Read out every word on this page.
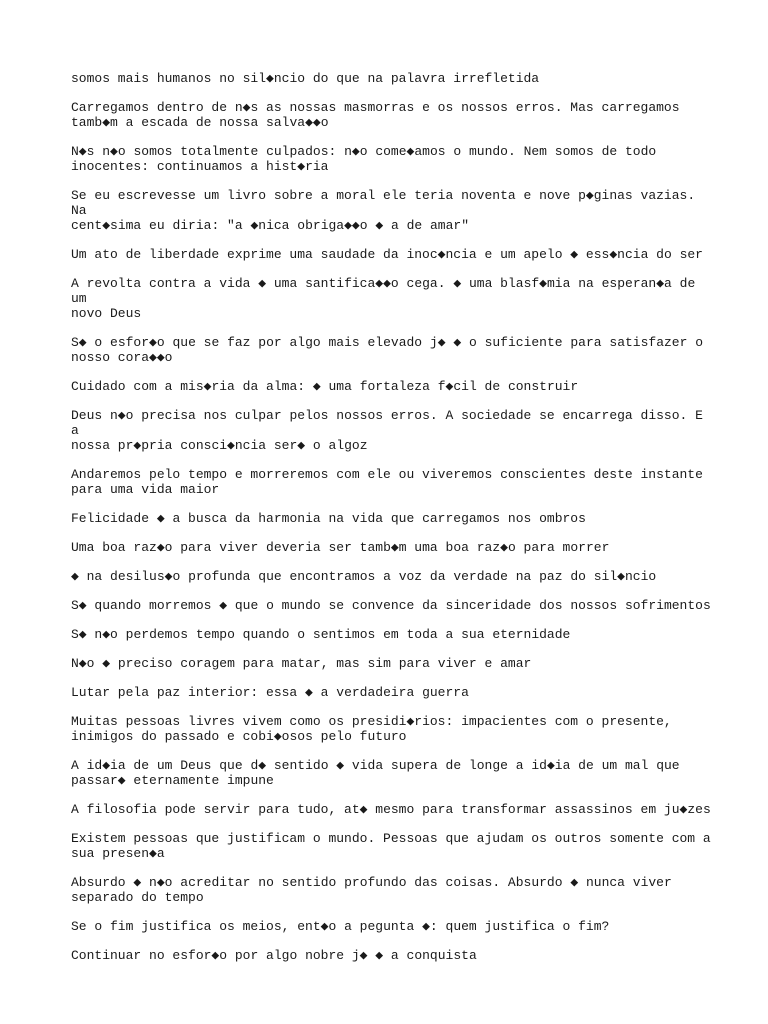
somos mais humanos no sil◆ncio do que na palavra irrefletida

Carregamos dentro de n◆s as nossas masmorras e os nossos erros. Mas carregamos
tamb◆m a escada de nossa salva◆◆o

N◆s n◆o somos totalmente culpados: n◆o come◆amos o mundo. Nem somos de todo
inocentes: continuamos a hist◆ria

Se eu escrevesse um livro sobre a moral ele teria noventa e nove p◆ginas vazias. Na
cent◆sima eu diria: "a ◆nica obriga◆◆o ◆ a de amar"

Um ato de liberdade exprime uma saudade da inoc◆ncia e um apelo ◆ ess◆ncia do ser

A revolta contra a vida ◆ uma santifica◆◆o cega. ◆ uma blasf◆mia na esperan◆a de um
novo Deus

S◆ o esfor◆o que se faz por algo mais elevado j◆ ◆ o suficiente para satisfazer o
nosso cora◆◆o

Cuidado com a mis◆ria da alma: ◆ uma fortaleza f◆cil de construir

Deus n◆o precisa nos culpar pelos nossos erros. A sociedade se encarrega disso. E a
nossa pr◆pria consci◆ncia ser◆ o algoz

Andaremos pelo tempo e morreremos com ele ou viveremos conscientes deste instante
para uma vida maior

Felicidade ◆ a busca da harmonia na vida que carregamos nos ombros

Uma boa raz◆o para viver deveria ser tamb◆m uma boa raz◆o para morrer

◆ na desilus◆o profunda que encontramos a voz da verdade na paz do sil◆ncio

S◆ quando morremos ◆ que o mundo se convence da sinceridade dos nossos sofrimentos

S◆ n◆o perdemos tempo quando o sentimos em toda a sua eternidade

N◆o ◆ preciso coragem para matar, mas sim para viver e amar

Lutar pela paz interior: essa ◆ a verdadeira guerra

Muitas pessoas livres vivem como os presidi◆rios: impacientes com o presente,
inimigos do passado e cobi◆osos pelo futuro

A id◆ia de um Deus que d◆ sentido ◆ vida supera de longe a id◆ia de um mal que
passar◆ eternamente impune

A filosofia pode servir para tudo, at◆ mesmo para transformar assassinos em ju◆zes

Existem pessoas que justificam o mundo. Pessoas que ajudam os outros somente com a
sua presen◆a

Absurdo ◆ n◆o acreditar no sentido profundo das coisas. Absurdo ◆ nunca viver
separado do tempo

Se o fim justifica os meios, ent◆o a pegunta ◆: quem justifica o fim?

Continuar no esfor◆o por algo nobre j◆ ◆ a conquista
